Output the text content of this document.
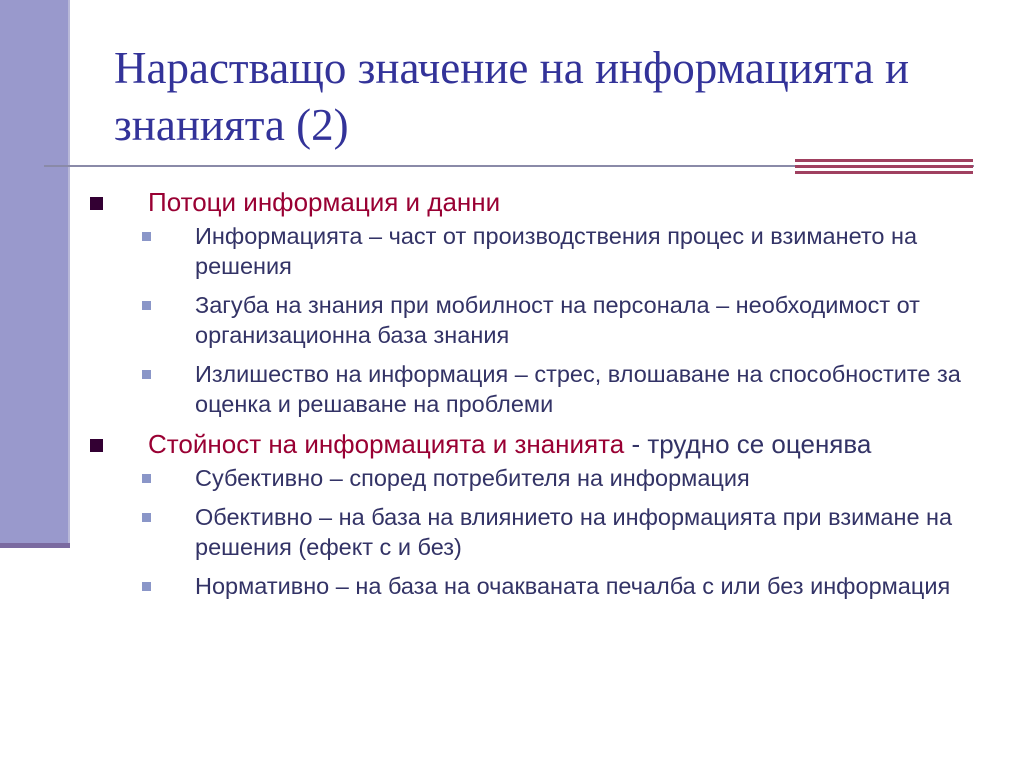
Нарастващо значение на информацията и знанията (2)
Потоци информация и данни
Информацията – част от производствения процес и взимането на решения
Загуба на знания при мобилност на персонала – необходимост от организационна база знания
Излишество на информация – стрес, влошаване на способностите за оценка и решаване на проблеми
Стойност на информацията и знанията - трудно се оценява
Субективно – според потребителя на информация
Обективно – на база на влиянието на информацията при взимане на решения (ефект с и без)
Нормативно – на база на очакваната печалба с или без информация
